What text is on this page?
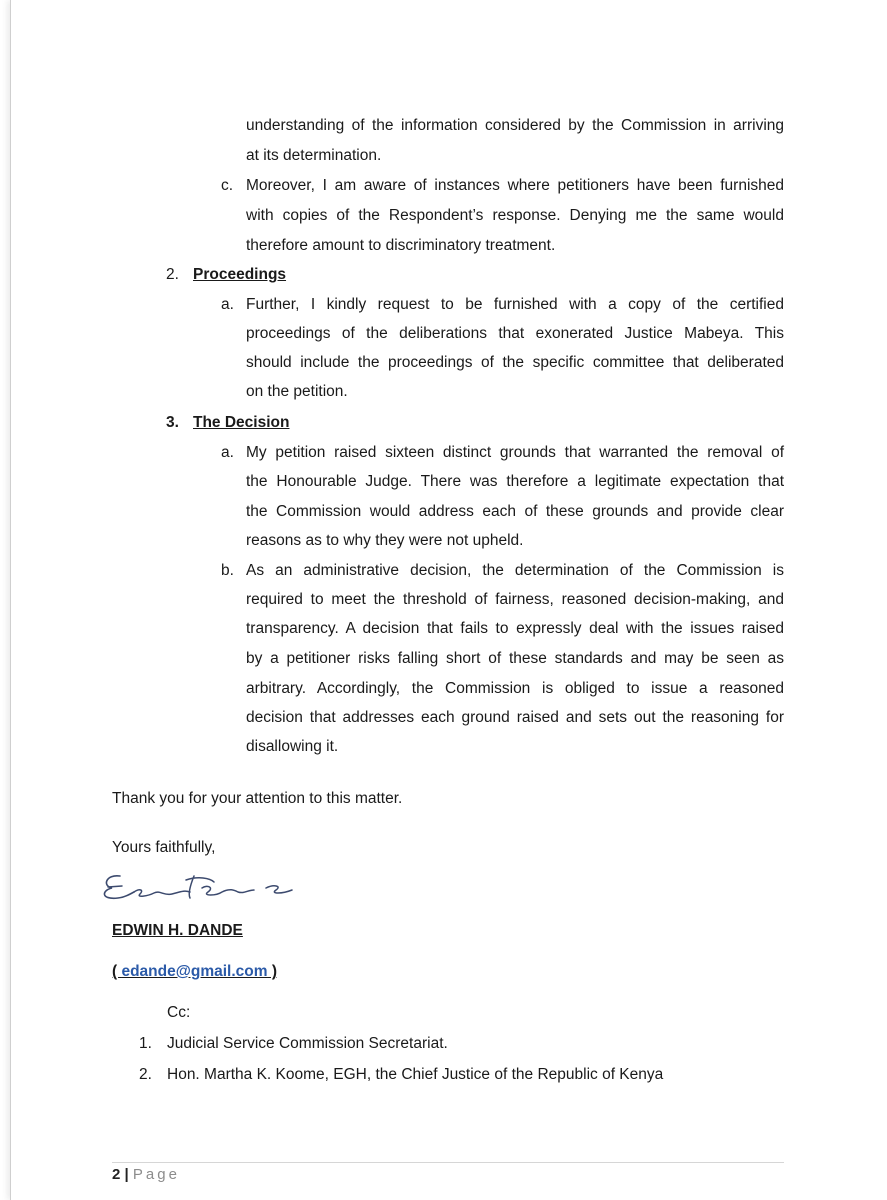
understanding of the information considered by the Commission in arriving
at its determination.
c. Moreover, I am aware of instances where petitioners have been furnished
with copies of the Respondent’s response. Denying me the same would
therefore amount to discriminatory treatment.
2. Proceedings
a. Further, I kindly request to be furnished with a copy of the certified
proceedings of the deliberations that exonerated Justice Mabeya. This
should include the proceedings of the specific committee that deliberated
on the petition.
3. The Decision
a. My petition raised sixteen distinct grounds that warranted the removal of
the Honourable Judge. There was therefore a legitimate expectation that
the Commission would address each of these grounds and provide clear
reasons as to why they were not upheld.
b. As an administrative decision, the determination of the Commission is
required to meet the threshold of fairness, reasoned decision-making, and
transparency. A decision that fails to expressly deal with the issues raised
by a petitioner risks falling short of these standards and may be seen as
arbitrary. Accordingly, the Commission is obliged to issue a reasoned
decision that addresses each ground raised and sets out the reasoning for
disallowing it.
Thank you for your attention to this matter.
Yours faithfully,
EDWIN H. DANDE
( edande@gmail.com )
Cc:
1. Judicial Service Commission Secretariat.
2. Hon. Martha K. Koome, EGH, the Chief Justice of the Republic of Kenya
2 | Page
